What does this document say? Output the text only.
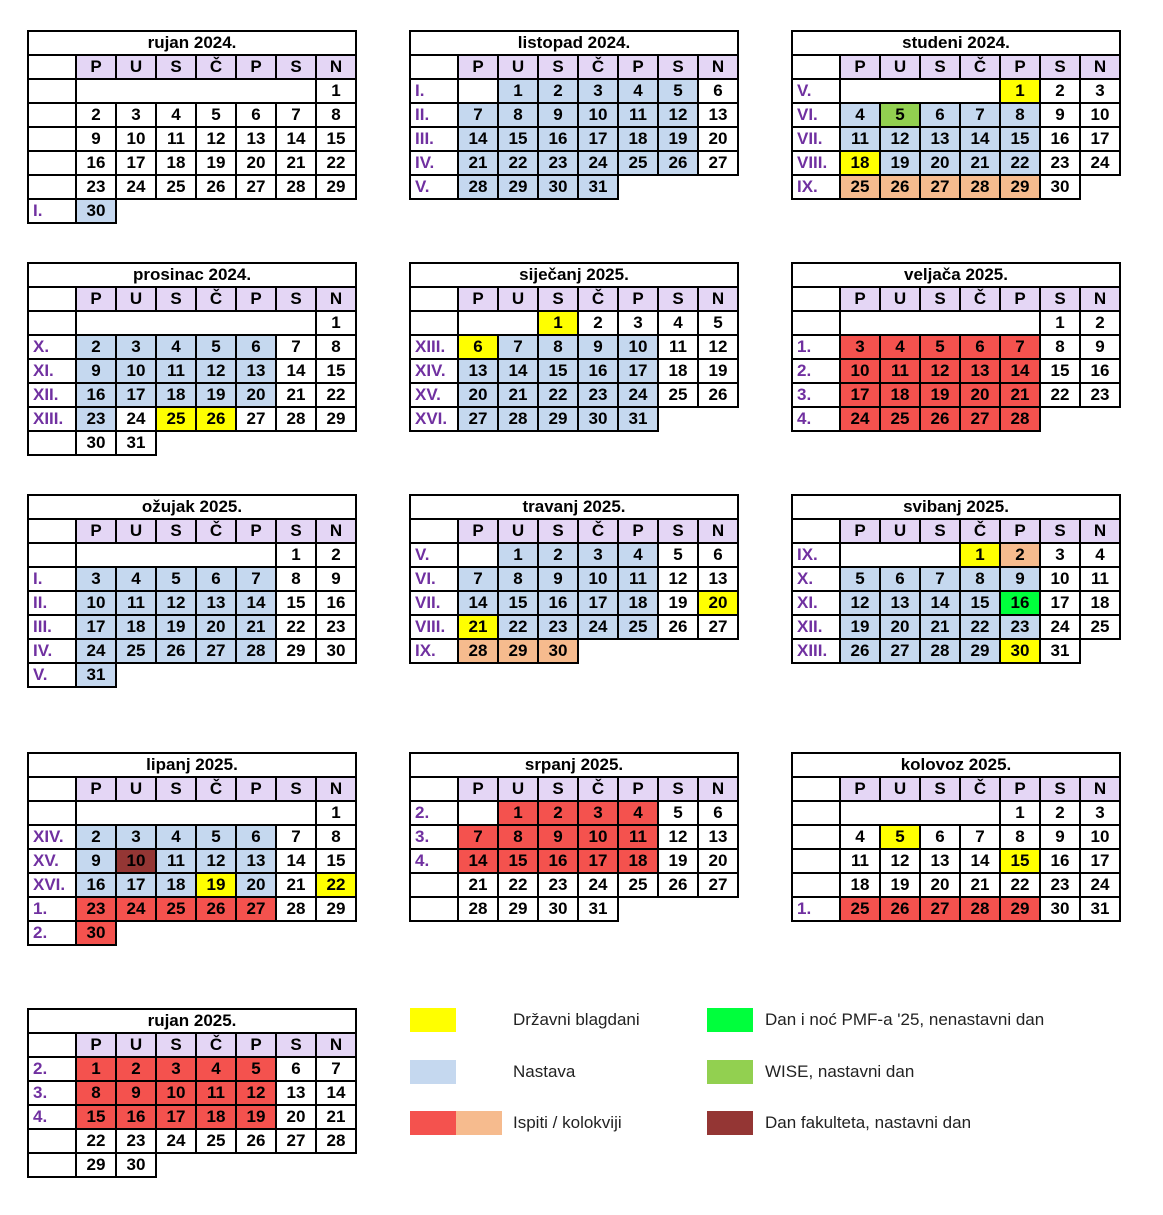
rujan 2024.							
	P	U	S	Č	P	S	N
							1
	2	3	4	5	6	7	8
	9	10	11	12	13	14	15
	16	17	18	19	20	21	22
	23	24	25	26	27	28	29
I.	30						
listopad 2024.							
	P	U	S	Č	P	S	N
I.		1	2	3	4	5	6
II.	7	8	9	10	11	12	13
III.	14	15	16	17	18	19	20
IV.	21	22	23	24	25	26	27
V.	28	29	30	31			
studeni 2024.							
	P	U	S	Č	P	S	N
V.					1	2	3
VI.	4	5	6	7	8	9	10
VII.	11	12	13	14	15	16	17
VIII.	18	19	20	21	22	23	24
IX.	25	26	27	28	29	30	
prosinac 2024.							
	P	U	S	Č	P	S	N
							1
X.	2	3	4	5	6	7	8
XI.	9	10	11	12	13	14	15
XII.	16	17	18	19	20	21	22
XIII.	23	24	25	26	27	28	29
	30	31					
siječanj 2025.							
	P	U	S	Č	P	S	N
			1	2	3	4	5
XIII.	6	7	8	9	10	11	12
XIV.	13	14	15	16	17	18	19
XV.	20	21	22	23	24	25	26
XVI.	27	28	29	30	31		
veljača 2025.							
	P	U	S	Č	P	S	N
						1	2
1.	3	4	5	6	7	8	9
2.	10	11	12	13	14	15	16
3.	17	18	19	20	21	22	23
4.	24	25	26	27	28		
ožujak 2025.							
	P	U	S	Č	P	S	N
						1	2
I.	3	4	5	6	7	8	9
II.	10	11	12	13	14	15	16
III.	17	18	19	20	21	22	23
IV.	24	25	26	27	28	29	30
V.	31						
travanj 2025.							
	P	U	S	Č	P	S	N
V.		1	2	3	4	5	6
VI.	7	8	9	10	11	12	13
VII.	14	15	16	17	18	19	20
VIII.	21	22	23	24	25	26	27
IX.	28	29	30				
svibanj 2025.							
	P	U	S	Č	P	S	N
IX.				1	2	3	4
X.	5	6	7	8	9	10	11
XI.	12	13	14	15	16	17	18
XII.	19	20	21	22	23	24	25
XIII.	26	27	28	29	30	31	
lipanj 2025.							
	P	U	S	Č	P	S	N
							1
XIV.	2	3	4	5	6	7	8
XV.	9	10	11	12	13	14	15
XVI.	16	17	18	19	20	21	22
1.	23	24	25	26	27	28	29
2.	30						
srpanj 2025.							
	P	U	S	Č	P	S	N
2.		1	2	3	4	5	6
3.	7	8	9	10	11	12	13
4.	14	15	16	17	18	19	20
	21	22	23	24	25	26	27
	28	29	30	31			
kolovoz 2025.							
	P	U	S	Č	P	S	N
					1	2	3
	4	5	6	7	8	9	10
	11	12	13	14	15	16	17
	18	19	20	21	22	23	24
1.	25	26	27	28	29	30	31
rujan 2025.							
	P	U	S	Č	P	S	N
2.	1	2	3	4	5	6	7
3.	8	9	10	11	12	13	14
4.	15	16	17	18	19	20	21
	22	23	24	25	26	27	28
	29	30					
Državni blagdani
Nastava
Ispiti / kolokviji
Dan i noć PMF-a '25, nenastavni dan
WISE, nastavni dan
Dan fakulteta, nastavni dan
